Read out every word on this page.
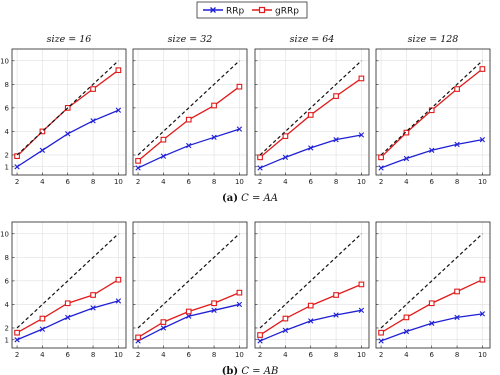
RRp	gRRp
2	4	6	8	10
1
2
4
6
8
10
size = 16
2	4	6	8	10
size = 32
2	4	6	8	10
size = 64
2	4	6	8	10
size = 128
2	4	6	8	10
1
2
4
6
8
10
2	4	6	8	10 2	4	6	8	10 2	4	6	8	10
(a) C = AA
(b) C = AB
